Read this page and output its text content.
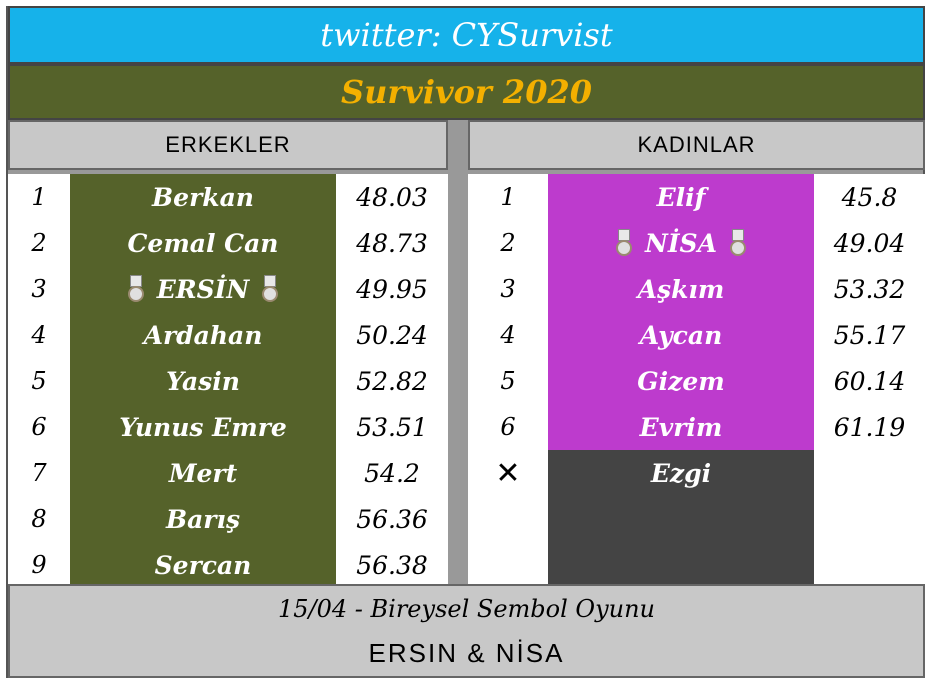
twitter: CYSurvist
Survivor 2020
ERKEKLER
1	Berkan	48.03
2	Cemal Can	48.73
3	ERSİN	49.95
4	Ardahan	50.24
5	Yasin	52.82
6	Yunus Emre	53.51
7	Mert	54.2
8	Barış	56.36
9	Sercan	56.38
KADINLAR
1	Elif	45.8
2	NİSA	49.04
3	Aşkım	53.32
4	Aycan	55.17
5	Gizem	60.14
6	Evrim	61.19
✕	Ezgi
15/04 - Bireysel Sembol Oyunu
ERSIN & NİSA
